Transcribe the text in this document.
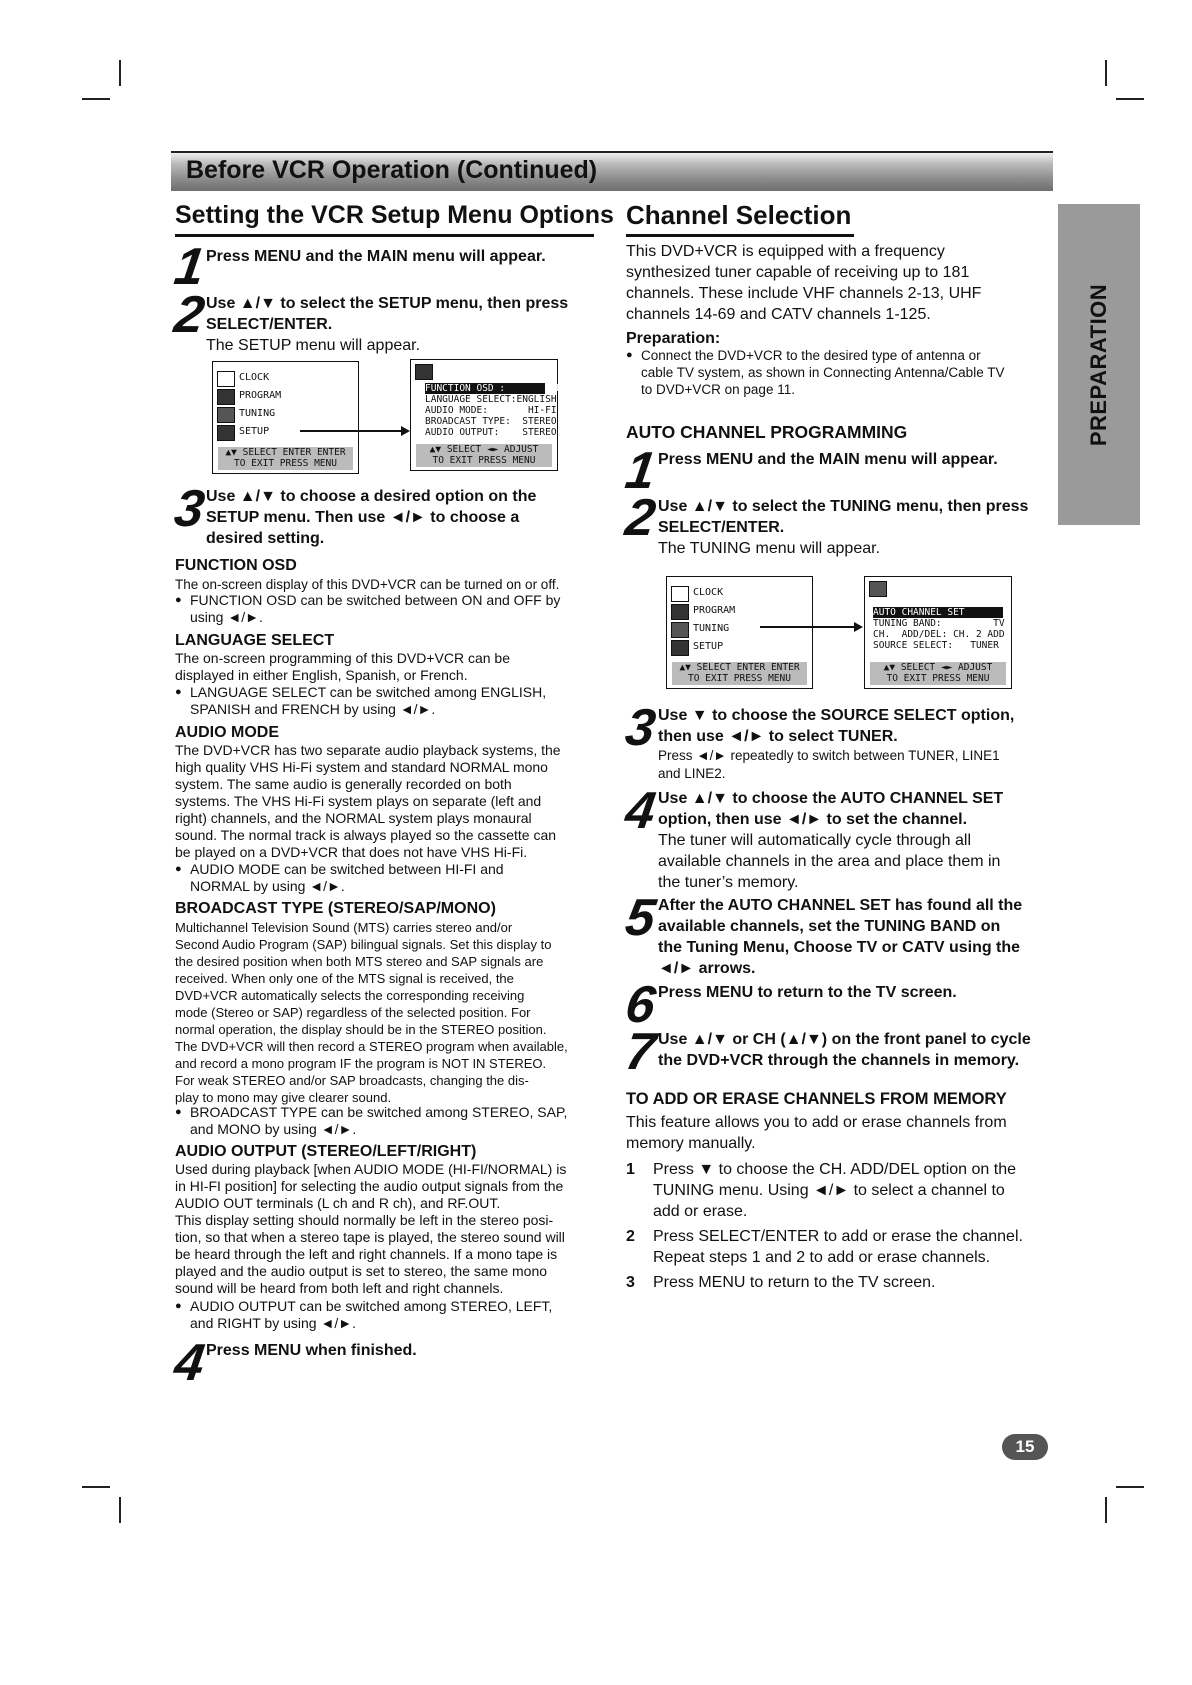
Before VCR Operation (Continued)
PREPARATION
Setting the VCR Setup Menu Options
1
Press MENU and the MAIN menu will appear.
2
Use ▲/▼ to select the SETUP menu, then press
SELECT/ENTER.
The SETUP menu will appear.
CLOCK
PROGRAM
TUNING
SETUP
▲▼ SELECT ENTER ENTER
TO EXIT PRESS MENU
FUNCTION OSD :        ON
LANGUAGE SELECT:ENGLISH
AUDIO MODE:       HI-FI
BROADCAST TYPE:  STEREO
AUDIO OUTPUT:    STEREO
▲▼ SELECT ◄► ADJUST
TO EXIT PRESS MENU
3
Use ▲/▼ to choose a desired option on the
SETUP menu. Then use ◄/► to choose a
desired setting.
FUNCTION OSD
The on-screen display of this DVD+VCR can be turned on or off.
● FUNCTION OSD can be switched between ON and OFF by
using ◄/►.
LANGUAGE SELECT
The on-screen programming of this DVD+VCR can be
displayed in either English, Spanish, or French.
● LANGUAGE SELECT can be switched among ENGLISH,
SPANISH and FRENCH by using ◄/►.
AUDIO MODE
The DVD+VCR has two separate audio playback systems, the
high quality VHS Hi-Fi system and standard NORMAL mono
system. The same audio is generally recorded on both
systems. The VHS Hi-Fi system plays on separate (left and
right) channels, and the NORMAL system plays monaural
sound. The normal track is always played so the cassette can
be played on a DVD+VCR that does not have VHS Hi-Fi.
● AUDIO MODE can be switched between HI-FI and
NORMAL by using ◄/►.
BROADCAST TYPE (STEREO/SAP/MONO)
Multichannel Television Sound (MTS) carries stereo and/or
Second Audio Program (SAP) bilingual signals. Set this display to
the desired position when both MTS stereo and SAP signals are
received. When only one of the MTS signal is received, the
DVD+VCR automatically selects the corresponding receiving
mode (Stereo or SAP) regardless of the selected position. For
normal operation, the display should be in the STEREO position.
The DVD+VCR will then record a STEREO program when available,
and record a mono program IF the program is NOT IN STEREO.
For weak STEREO and/or SAP broadcasts, changing the dis-
play to mono may give clearer sound.
● BROADCAST TYPE can be switched among STEREO, SAP,
and MONO by using ◄/►.
AUDIO OUTPUT (STEREO/LEFT/RIGHT)
Used during playback [when AUDIO MODE (HI-FI/NORMAL) is
in HI-FI position] for selecting the audio output signals from the
AUDIO OUT terminals (L ch and R ch), and RF.OUT.
This display setting should normally be left in the stereo posi-
tion, so that when a stereo tape is played, the stereo sound will
be heard through the left and right channels. If a mono tape is
played and the audio output is set to stereo, the same mono
sound will be heard from both left and right channels.
● AUDIO OUTPUT can be switched among STEREO, LEFT,
and RIGHT by using ◄/►.
4
Press MENU when finished.
Channel Selection
This DVD+VCR is equipped with a frequency
synthesized tuner capable of receiving up to 181
channels. These include VHF channels 2-13, UHF
channels 14-69 and CATV channels 1-125.
Preparation:
● Connect the DVD+VCR to the desired type of antenna or
cable TV system, as shown in Connecting Antenna/Cable TV
to DVD+VCR on page 11.
AUTO CHANNEL PROGRAMMING
1 Press MENU and the MAIN menu will appear.
2 Use ▲/▼ to select the TUNING menu, then press
SELECT/ENTER.
The TUNING menu will appear.
CLOCK
PROGRAM
TUNING
SETUP
▲▼ SELECT ENTER ENTER
TO EXIT PRESS MENU
AUTO CHANNEL SET
TUNING BAND:         TV
CH.  ADD/DEL: CH. 2 ADD
SOURCE SELECT:   TUNER
▲▼ SELECT ◄► ADJUST
TO EXIT PRESS MENU
3 Use ▼ to choose the SOURCE SELECT option,
then use ◄/► to select TUNER.
Press ◄/► repeatedly to switch between TUNER, LINE1
and LINE2.
4 Use ▲/▼ to choose the AUTO CHANNEL SET
option, then use ◄/► to set the channel.
The tuner will automatically cycle through all
available channels in the area and place them in
the tuner’s memory.
5 After the AUTO CHANNEL SET has found all the
available channels, set the TUNING BAND on
the Tuning Menu, Choose TV or CATV using the
◄/► arrows.
6 Press MENU to return to the TV screen.
7 Use ▲/▼ or CH (▲/▼) on the front panel to cycle
the DVD+VCR through the channels in memory.
TO ADD OR ERASE CHANNELS FROM MEMORY
This feature allows you to add or erase channels from
memory manually.
1 Press ▼ to choose the CH. ADD/DEL option on the
TUNING menu. Using ◄/► to select a channel to
add or erase.
2 Press SELECT/ENTER to add or erase the channel.
Repeat steps 1 and 2 to add or erase channels.
3 Press MENU to return to the TV screen.
15
